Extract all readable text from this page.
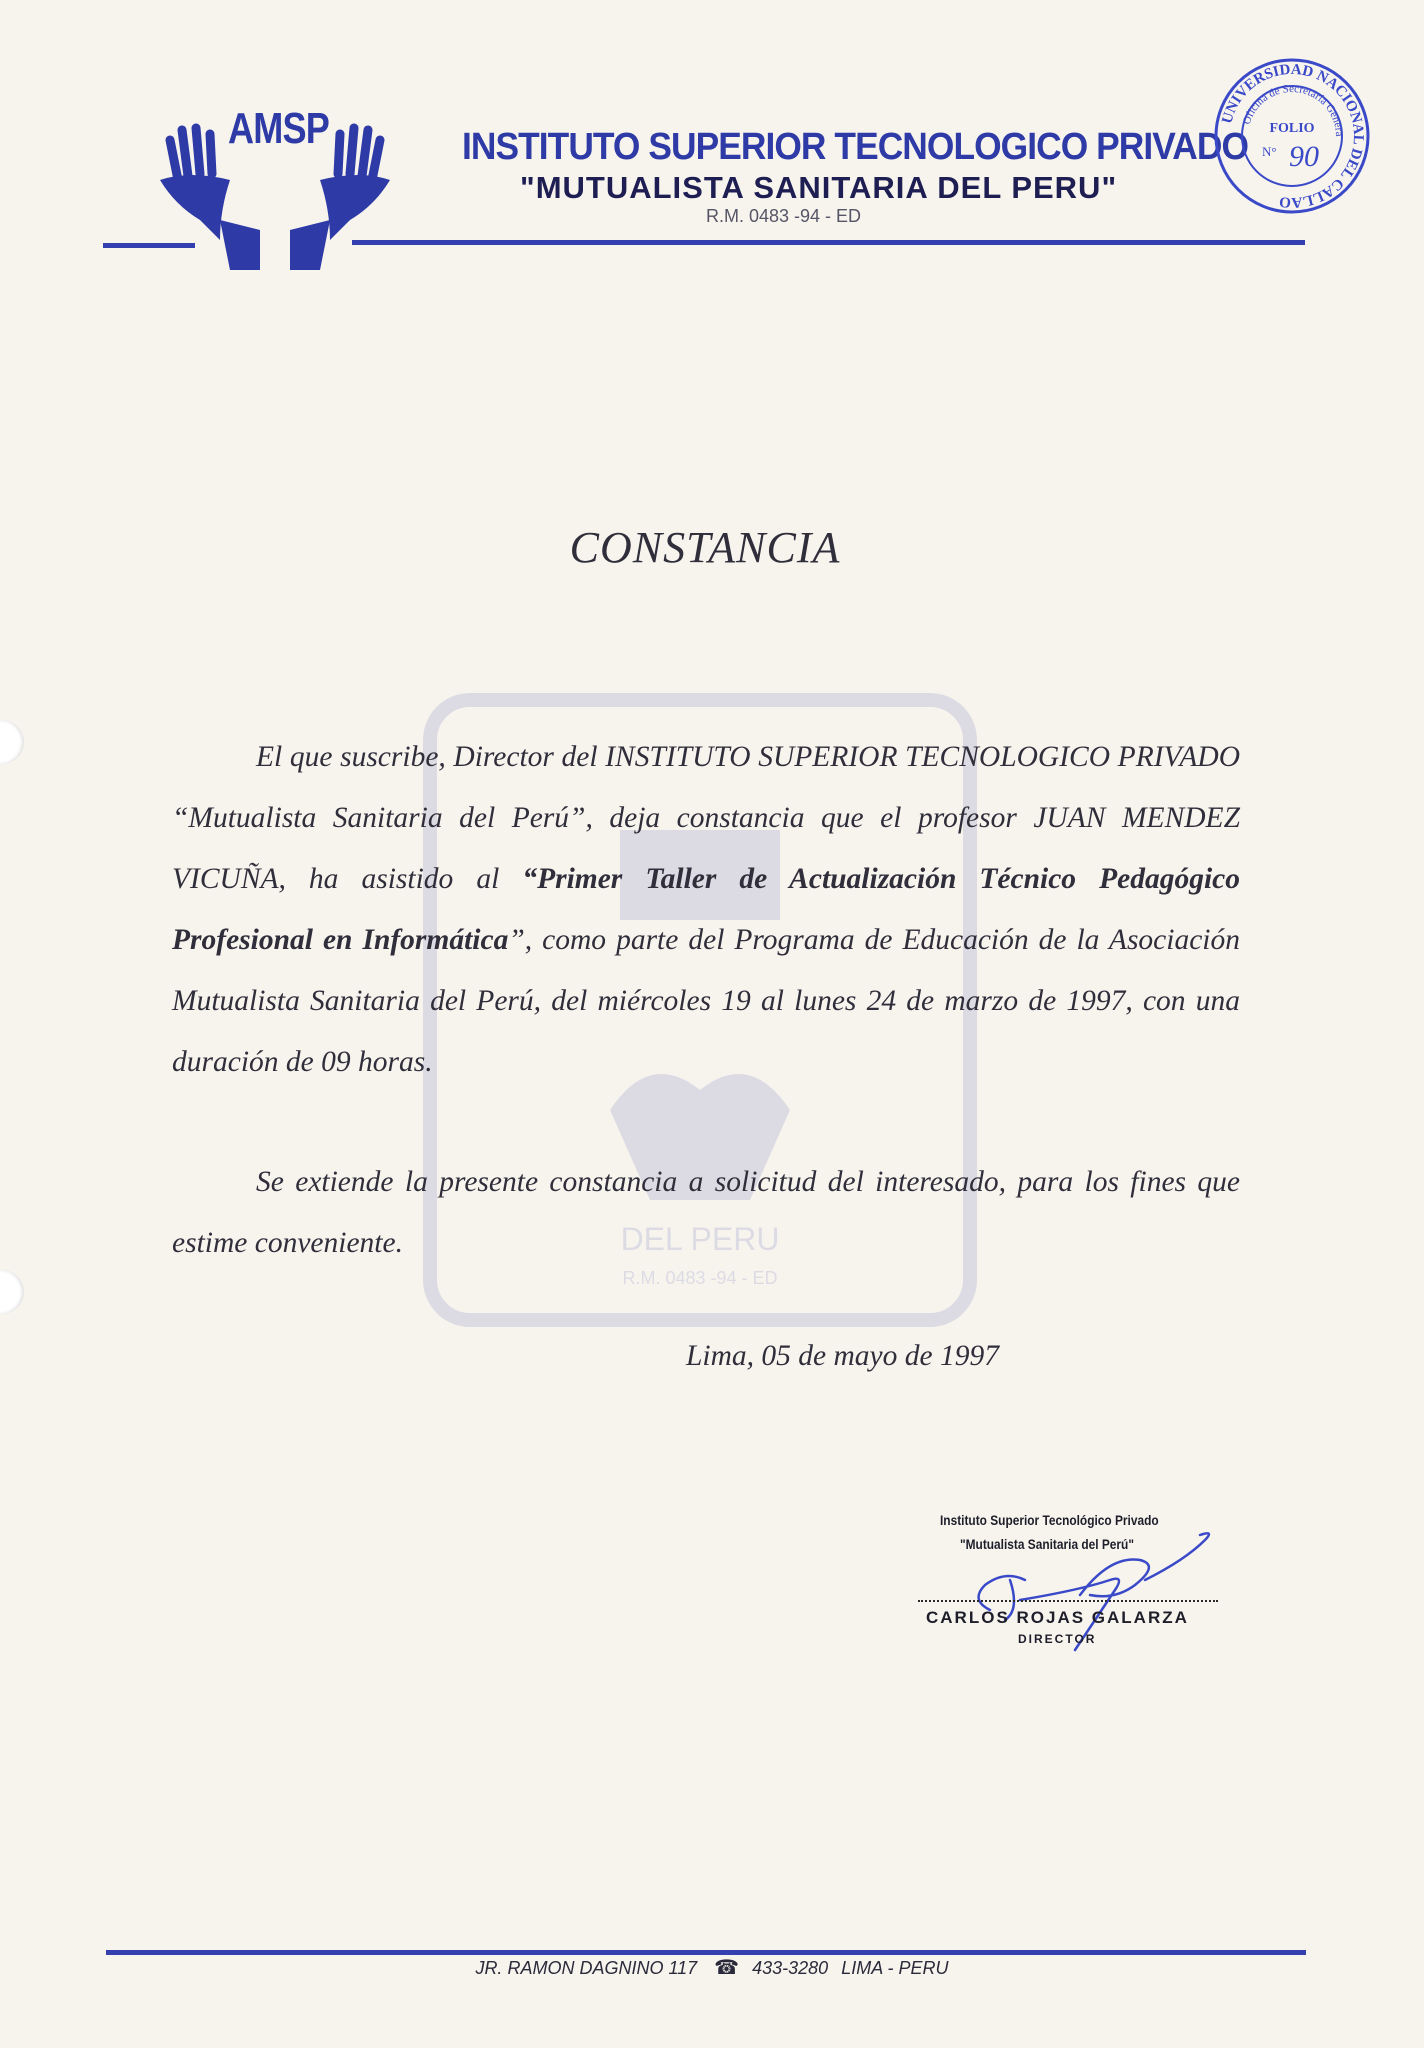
DEL PERU
R.M. 0483 -94 - ED
AMSP	INSTITUTO SUPERIOR TECNOLOGICO PRIVADO
"MUTUALISTA SANITARIA DEL PERU"
R.M. 0483 -94 - ED
UNIVERSIDAD NACIONAL DEL CALLAO
Oficina de Secretaría Genera
FOLIO
N° 90
CONSTANCIA
El que suscribe, Director del INSTITUTO SUPERIOR TECNOLOGICO PRIVADO “Mutualista Sanitaria del Perú”, deja constancia que el profesor JUAN MENDEZ VICUÑA, ha asistido al “Primer Taller de Actualización Técnico Pedagógico Profesional en Informática”, como parte del Programa de Educación de la Asociación Mutualista Sanitaria del Perú, del miércoles 19 al lunes 24 de marzo de 1997, con una duración de 09 horas.
Se extiende la presente constancia a solicitud del interesado, para los fines que estime conveniente.
Lima, 05 de mayo de 1997
Instituto Superior Tecnológico Privado
"Mutualista Sanitaria del Perú"
CARLOS ROJAS GALARZA
DIRECTOR
JR. RAMON DAGNINO 117 ☎ 433-3280 LIMA - PERU
